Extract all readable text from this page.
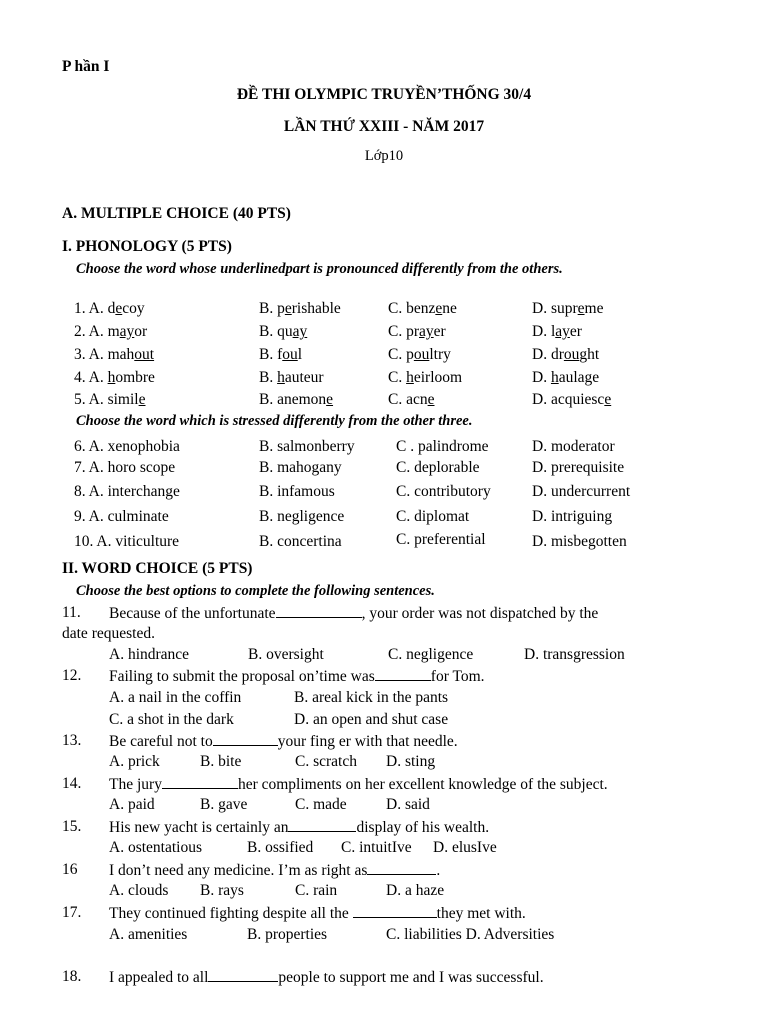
P hần I
ĐỀ THI OLYMPIC TRUYỀN’THỐNG 30/4
LẦN THỨ XXIII - NĂM 2017
Lớp10
A. MULTIPLE CHOICE (40 PTS)
I. PHONOLOGY (5 PTS)
Choose the word whose underlinedpart is pronounced differently from the others.
1. A. decoy	B. perishable	C. benzene	D. supreme
2. A. mayor	B. quay	C. prayer	D. layer
3. A. mahout	B. foul	C. poultry	D. drought
4. A. hombre	B. hauteur	C. heirloom	D. haulage
5. A. simile	B. anemone	C. acne	D. acquiesce
Choose the word which is stressed differently from the other three.
6. A. xenophobia	B. salmonberry	C . palindrome	D. moderator
7. A. horo scope	B. mahogany	C. deplorable	D. prerequisite
8. A. interchange	B. infamous	C. contributory	D. undercurrent
9. A. culminate	B. negligence	C. diplomat	D. intriguing
10. A. viticulture	B. concertina	C. preferential	D. misbegotten
II. WORD CHOICE (5 PTS)
Choose the best options to complete the following sentences.
11. Because of the unfortunate	, your order was not dispatched by the
date requested.
A. hindrance	B. oversight	C. negligence	D. transgression
12. Failing to submit the proposal on’time was	for Tom.
A. a nail in the coffin	B. areal kick in the pants
C. a shot in the dark	D. an open and shut case
13. Be careful not to	your fing er with that needle.
A. prick	B. bite	C. scratch D. sting
14. The jury	her compliments on her excellent knowledge of the subject.
A. paid	B. gave	C. made	D. said
15. His new yacht is certainly an	display of his wealth.
A. ostentatious	B. ossified C. intuitIve D. elusIve
16 I don’t need any medicine. I’m as right as	.
A. clouds B. rays	C. rain	D. a haze
17. They continued fighting despite all the	they met with.
A. amenities	B. properties	C. liabilities D. Adversities
18. I appealed to all	people to support me and I was successful.
